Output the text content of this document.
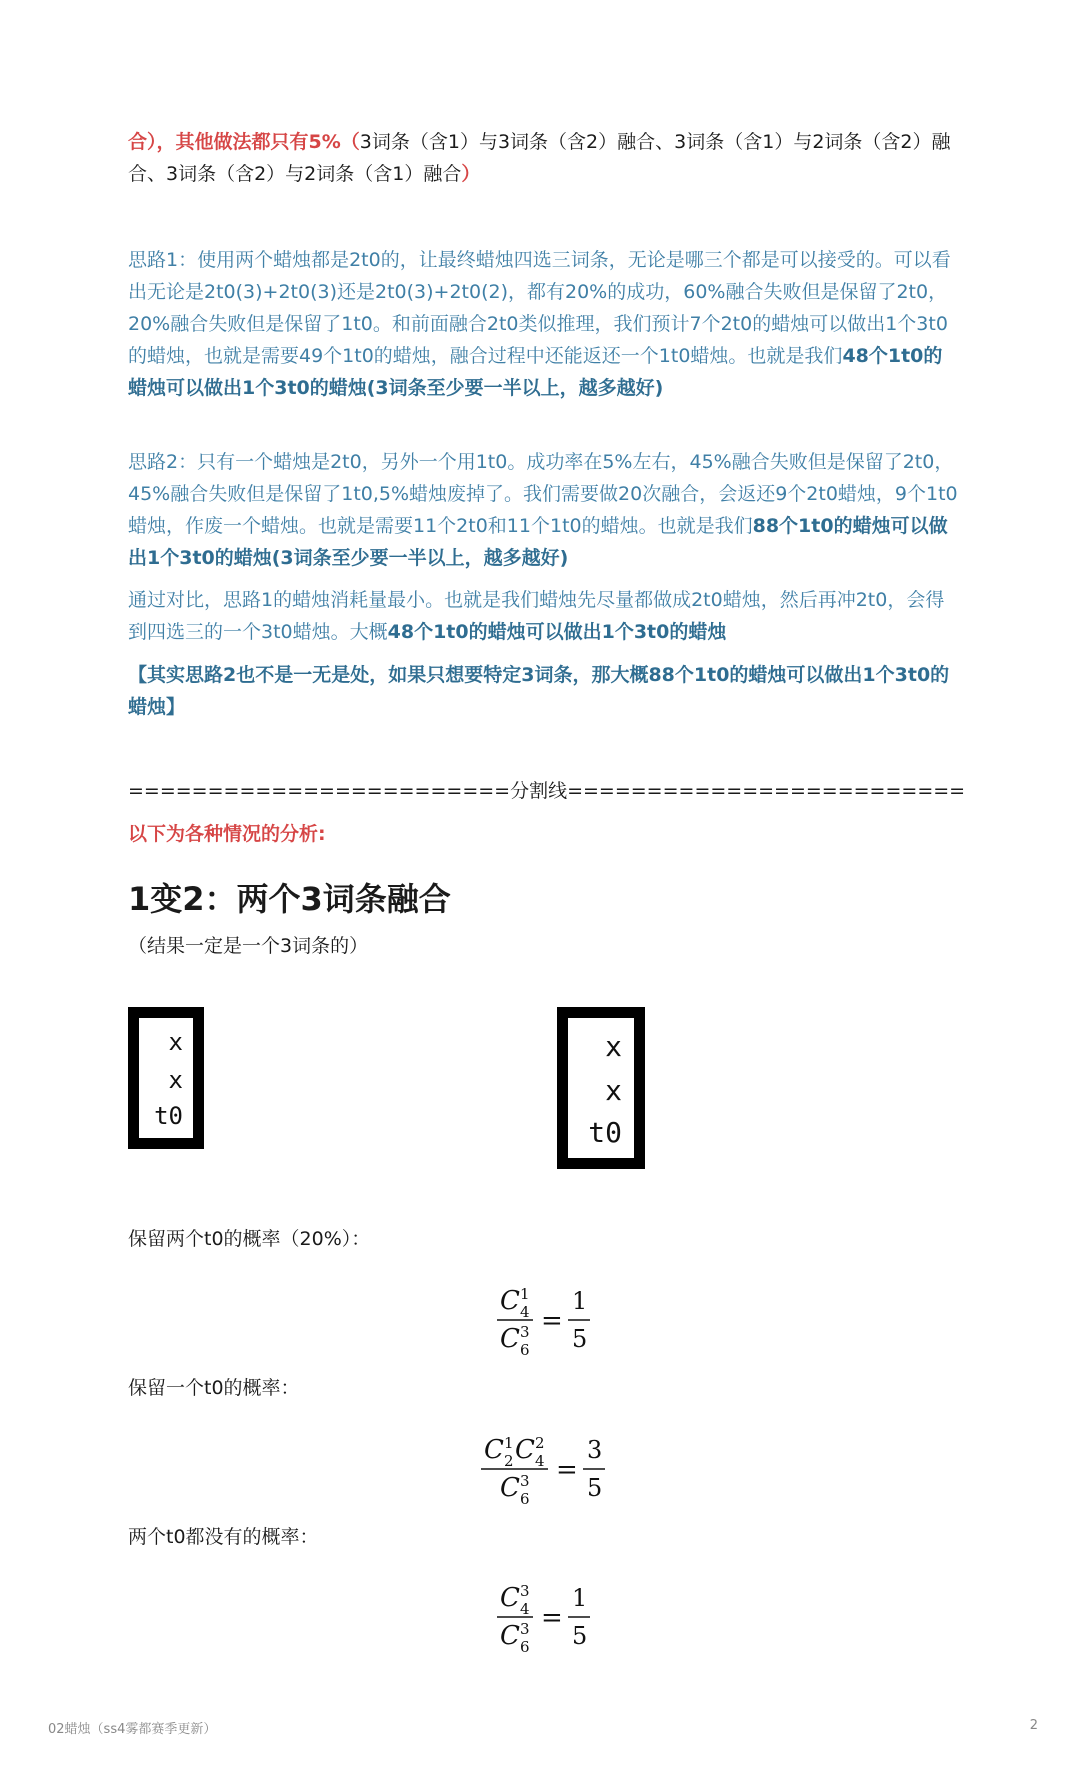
合），其他做法都只有5%（3词条（含1）与3词条（含2）融合、3词条（含1）与2词条（含2）融合、3词条（含2）与2词条（含1）融合）

思路1：使用两个蜡烛都是2t0的，让最终蜡烛四选三词条，无论是哪三个都是可以接受的。可以看出无论是2t0(3)+2t0(3)还是2t0(3)+2t0(2)，都有20%的成功，60%融合失败但是保留了2t0，20%融合失败但是保留了1t0。和前面融合2t0类似推理，我们预计7个2t0的蜡烛可以做出1个3t0的蜡烛，也就是需要49个1t0的蜡烛，融合过程中还能返还一个1t0蜡烛。也就是我们48个1t0的蜡烛可以做出1个3t0的蜡烛(3词条至少要一半以上，越多越好)

思路2：只有一个蜡烛是2t0，另外一个用1t0。成功率在5%左右，45%融合失败但是保留了2t0，45%融合失败但是保留了1t0,5%蜡烛废掉了。我们需要做20次融合，会返还9个2t0蜡烛，9个1t0蜡烛，作废一个蜡烛。也就是需要11个2t0和11个1t0的蜡烛。也就是我们88个1t0的蜡烛可以做出1个3t0的蜡烛(3词条至少要一半以上，越多越好)

通过对比，思路1的蜡烛消耗量最小。也就是我们蜡烛先尽量都做成2t0蜡烛，然后再冲2t0，会得到四选三的一个3t0蜡烛。大概48个1t0的蜡烛可以做出1个3t0的蜡烛

【其实思路2也不是一无是处，如果只想要特定3词条，那大概88个1t0的蜡烛可以做出1个3t0的蜡烛】

========================分割线=========================

以下为各种情况的分析:

1变2：两个3词条融合

（结果一定是一个3词条的）

x
x
t0
x
x
t0
保留两个t0的概率（20%）：
C 1
4
C 3
6
=
1
5
保留一个t0的概率：
C 1
2 C 2
4
C 3
6
=
3
5
两个t0都没有的概率：
C 3
4
C 3
6
=
1
5
02蜡烛（ss4雾都赛季更新）	2
